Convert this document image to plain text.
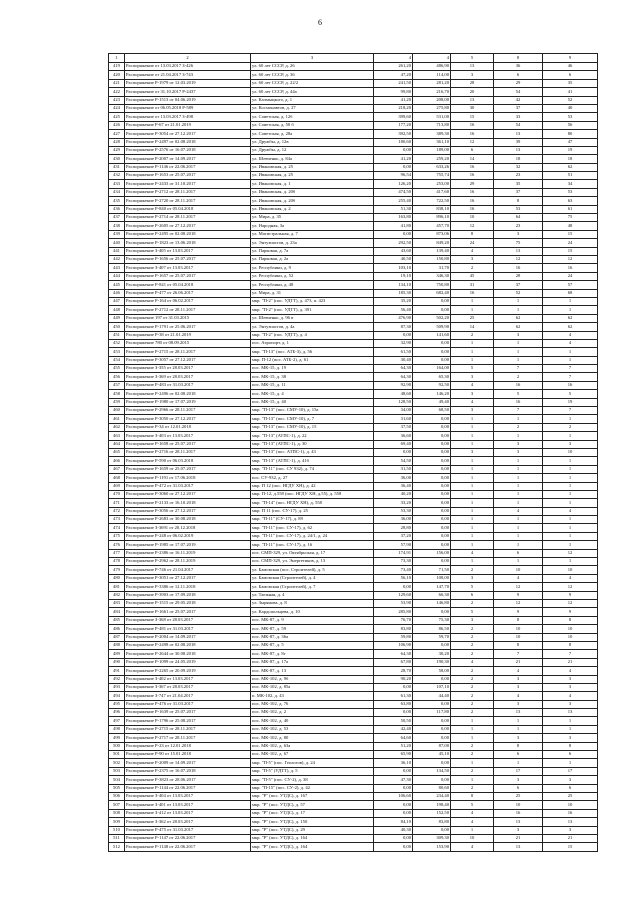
6
1	2	3	4	4	5	8	9
419	Распоряжение от 13.03.2017 З-426	ул. 60 лет СССР, д. 26	261,20	486,90	13	36	46
420	Распоряжение от 21.04.2017 З-743	ул. 60 лет СССР, д. 36	47,20	114,00	3	6	6
421	Распоряжение Р-1979 от 12.03.2019	ул. 60 лет СССР, д. 22/2	241,50	281,20	28	29	35
422	Распоряжение от 31.10.2017 Р-2437	ул. 60 лет СССР, д. 44а	99,80	216,70	20	54	41
423	Распоряжение Р-1513 от 04.06.2019	ул. Калмыцкого, д. 1	41,20	208,00	13	42	52
424	Распоряжение от 06.05.2018 Р-589	ул. Космонавтов, д. 27	218,20	275,80	30	37	40
425	Распоряжение от 13.03.2017 З-498	ул. Советская, д. 12б	399,60	531,00	15	33	53
426	Распоряжение Р-67 от 21.01.2019	ул. Советская, д. 50 б	177,20	713,80	16	54	56
427	Распоряжение Р-3054 от 27.12.2017	ул. Советская, д. 28а	392,50	389,30	16	13	80
428	Распоряжение Р-2497 от 02.08.2018	ул. Дружбы, д. 12в	180,60	361,10	12	39	47
429	Распоряжение Р-2576 от 16.07.2018	ул. Дружбы, д. 12	0,00	189,00	6	13	19
430	Распоряжение Р-2007 от 14.09.2017	ул. Шевченко, д. 84а	41,20	259,20	14	18	18
431	Распоряжение Р-1146 от 22.06.2017	ул. Ивановская, д. 25	0,00	633,26	16	32	62
432	Распоряжение Р-1653 от 25.07.2017	ул. Ивановская, д. 25	96,54	755,74	16	23	51
433	Распоряжение Р-2433 от 31.10.2017	ул. Ивановская, д. 1	126,20	253,00	29	35	34
434	Распоряжение Р-2712 от 28.11.2017	ул. Ивановская, д. 20б	474,50	417,60	16	37	53
435	Распоряжение Р-2720 от 28.11.2017	ул. Ивановская, д. 20б	255,40	722,50	16	8	63
436	Распоряжение Р-840 от 05.04.2018	ул. Ивановская, д. 2	51,30	838,10	16	53	61
437	Распоряжение Р-2714 от 28.11.2017	ул. Мира, д. 35	163,80	896,10	10	64	75
438	Распоряжение Р-2605 от 27.12.2017	ул. Народная, 3а	41,80	457,70	12	23	48
439	Распоряжение Р-2495 от 02.08.2018	ул. Магистральная, д. 7	0,00	873,06	8	3	15
440	Распоряжение Р-1823 от 13.06.2018	ул. Энтузиастов, д. 23а	292,50	849,20	24	75	24
441	Распоряжение З-405 от 13.03.2017	ул. Парковая, д. 7а	43,60	139,40	4	13	15
442	Распоряжение Р-1656 от 25.07.2017	ул. Парковая, д. 2а	40,50	150,80	3	12	12
443	Распоряжение З-407 от 13.03.2017	ул. Республики, д. 9	103,10	31,70	2	16	16
444	Распоряжение Р-1657 от 25.07.2017	ул. Республики, д. 52	19,10	346,30	45	28	24
445	Распоряжение Р-841 от 05.04.2018	ул. Республики, д. 48	134,10	750,80	31	37	57
446	Распоряжение Р-477 от 26.06.2017	ул. Мира, д. 31	185,30	682,40	16	52	68
447	Распоряжение Р-164 от 06.02.2017	мкр. "П-2" (пос. УДТТ), д. 473, п. 423	35,20	0,00	1	1	1
448	Распоряжение Р-2712 от 28.11.2017	мкр. "П-2" (пос. УДТТ), д. 391	56,40	0,00	1	1	1
449	Распоряжение 197 от 31.03.2015	ул. Шевченко, д. 96 в	476,90	502,20	25	62	62
450	Распоряжение Р-1791 от 25.06.2017	ул. Энтузиастов, д. 4а	87,30	509,90	14	62	62
451	Распоряжение Р-38 от 21.01.2019	мкр. "П-2" (пос. УДТТ), д. 4	0,00	141,60	2	3	4
452	Распоряжение 780 от 08.09.2015	пос. Аэропорт, д. 1	32,90	0,00	1	1	4
453	Распоряжение Р-2715 от 28.11.2017	мкр. "П-13" (пос. АТБ-3), д. 56	61,50	0,00	1	1	1
454	Распоряжение Р-3057 от 27.12.2017	мкр. П-12 (пос. АТБ-2), д. 61	30,40	0,00	1	1	1
455	Распоряжение З-355 от 28.03.2017	пос. МК-15, д. 19	64,30	164,00	5	7	7
456	Распоряжение З-369 от 28.03.2017	пос. МК-15, д. 38	64,30	65,30	3	2	7
457	Распоряжение Р-483 от 31.03.2017	пос. МК-15, д. 11	92,90	92,50	4	16	16
458	Распоряжение Р-2496 от 02.08.2018	пос. МК-15, д. 4	48,60	146,20	3	5	5
459	Распоряжение Р-1980 от 17.07.2019	пос. МК-15, д. 40	128,50	49,40	4	16	19
460	Распоряжение Р-2966 от 28.11.2017	мкр. "П-13" (пос. СМУ-10), д. 15а	34,00	68,50	3	7	7
461	Распоряжение Р-3050 от 27.12.2017	мкр. "П-13" (пос. СМУ-10), д. 7	31,60	0,00	1	1	1
462	Распоряжение Р-34 от 12.01.2018	мкр. "П-13" (пос. СМУ-10), д. 15	37,50	0,00	1	2	2
463	Распоряжение З-403 от 13.03.2017	мкр. "П-13" (АТПС-1), д. 22	36,60	0,00	1	1	1
464	Распоряжение Р-1658 от 25.07.2017	мкр. "П-13" (АТПС-1), д. 30	69,40	0,00	1	3	3
465	Распоряжение Р-2716 от 28.11.2017	мкр. "П-13" (пос. АТПС-1), д. 43	0,00	0,00	3	3	10
466	Распоряжение Р-590 от 06.03.2018	мкр. "П-13" (АТПС-1), д. 41б	54,50	0,00	1	1	1
467	Распоряжение Р-1659 от 25.07.2017	мкр. "П-11" (пос. СУ 932), д. 74	31,50	0,00	1	1	1
468	Распоряжение Р-1191 от 17.06.2018	пос. СУ-932, д. 27	36,00	0,00	1	1	1
469	Распоряжение Р-472 от 31.03.2017	мкр. П 12 (пос. НГДУ ХН), д. 42	36,40	0,00	1	1	1
470	Распоряжение Р-3060 от 27.12.2017	мкр. П-12, д.558 (пос. НГДУ ХН, д.55), д. 558	40,20	0,00	1	1	1
471	Распоряжение Р-2133 от 16.10.2018	мкр. "П-14" (пос. НГДУ ХН), д. 558	33,20	0,00	1	1	1
472	Распоряжение Р-3056 от 27.12.2017	мкр. П 11 (пос. СУ-17), д. 25	53,30	0,00	1	4	4
473	Распоряжение Р-2683 от 30.08.2018	мкр. "П-11" (СУ-17), д. 89	36,00	0,00	1	1	1
474	Распоряжение З-3691 от 20.12.2018	мкр. "П-11" (пос. СУ-17), д. 62	28,80	0,00	1	1	1
475	Распоряжение Р-248 от 06.02.2019	мкр. "П-11" (пос. СУ-17), д. 24/1, д. 24	37,20	0,00	1	1	1
476	Распоряжение Р-1985 от 17.07.2019	мкр. "П-11" (пос. СУ-17), д. 16	57,90	0,00	1	1	1
477	Распоряжение Р-2386 от 16.11.2019	пос. СМП-329, ул. Октябрьская, д. 17	174,91	156,00	4	6	12
478	Распоряжение Р-2962 от 28.11.2019	пос. СМП-329, ул. Энергетиков, д. 13	73,30	0,00	1	1	1
479	Распоряжение Р-746 от 21.04.2017	ул. Бамовская (пос. Строителей), д. 5	73,40	71,50	2	10	10
480	Распоряжение Р-3051 от 27.12.2017	ул. Бамовская (Строителей), д. 4	56,10	108,00	3	4	4
481	Распоряжение Р-3386 от 12.11.2018	ул. Бамовская (Строителей), д. 7	0,00	147,70	5	12	12
482	Распоряжение Р-3903 от 17.09.2018	ул. Таежная, д. 4	129,60	66,30	6	9	9
483	Распоряжение Р-1515 от 29.05.2018	ул. Зырянова, д. 8	53,90	146,80	2	12	12
484	Распоряжение Р-1661 от 25.07.2017	ул. Кардопольцева, д. 10	285,80	0,00	5	9	9
485	Распоряжение З-368 от 28.03.2017	пос. МК-87, д. 9	76,70	75,30	3	8	8
486	Распоряжение Р-481 от 31.03.2017	пос. МК-87, д. 59	83,80	86,50	2	10	10
487	Распоряжение Р-2004 от 14.09.2017	пос. МК-87, д. 36а	59,80	59,70	2	10	10
488	Распоряжение Р-2498 от 02.08.2018	пос. МК-87, д. 5	106,90	0,00	2	8	8
489	Распоряжение Р-2644 от 30.08.2018	пос. МК-87, д. 8г	64,30	30,20	2	7	7
490	Распоряжение Р-1099 от 24.05.2019	пос. МК-87, д. 17а	67,80	190,30	4	21	21
491	Распоряжение Р-2265 от 20.09.2019	пос. МК-87, д. 13	28,70	58,00	2	4	4
492	Распоряжение З-402 от 13.03.2017	пос. МК-102, д. 9б	90,20	0,00	2	3	3
493	Распоряжение З-367 от 28.03.2017	пос. МК-102, д. 85а	0,00	107,10	2	3	3
494	Распоряжение З-747 от 21.04.2017	п. МК-102, д. 43	61,30	44,40	2	4	4
495	Распоряжение Р-476 от 31.03.2017	пос. МК-102, д. 76	63,80	0,00	2	3	3
496	Распоряжение Р-1639 от 25.07.2017	пос. МК-102, д. 2	0,00	117,80	2	13	13
497	Распоряжение Р-1796 от 25.08.2017	пос. МК-102, д. 40	50,50	0,00	1	1	1
498	Распоряжение Р-2715 от 28.11.2017	пос. МК-102, д. 53	42,40	0,00	1	1	1
499	Распоряжение Р-2717 от 28.11.2017	пос. МК-102, д. 80	64,60	0,00	1	3	3
500	Распоряжение Р-23 от 12.01.2018	пос. МК-102, д. 63а	51,20	87,00	2	8	8
501	Распоряжение Р-90 от 15.01.2018	пос. МК-102, д. 67	65,90	45,10	2	6	6
502	Распоряжение Р-2009 от 14.09.2017	мкр. "П-5" (пос. Геологов), д. 24	36,10	0,00	1	1	1
503	Распоряжение Р-2375 от 16.07.2018	мкр. "П-5" (УДТТ), д. 5	0,00	134,50	2	17	17
504	Распоряжение Р-3823 от 28.06.2017	мкр. "П-5" (пос. СУ-2), д. 38	47,30	0,00	1	3	3
505	Распоряжение Р-1144 от 22.06.2017	мкр. "П-15" (пос. СУ-2), д. 42	0,00	80,60	2	6	6
506	Распоряжение З-404 от 13.03.2017	мкр. "Р" (пос. УТДС), д. 167	106,60	234,40	8	25	25
507	Распоряжение З-401 от 13.03.2017	мкр. "Р" (пос. УТДС), д. 57	0,00	198,40	5	10	10
508	Распоряжение З-412 от 13.03.2017	мкр. "Р" (пос. УТДС), д. 17	0,00	152,50	4	16	16
509	Распоряжение З-362 от 28.03.2017	мкр. "Р" (пос. УТДС), д. 150	84,10	83,80	4	13	13
510	Распоряжение Р-475 от 31.03.2017	мкр. "Р" (пос. УТДС), д. 29	40,30	0,00	1	3	3
511	Распоряжение Р-1147 от 22.06.2017	мкр. "Р" (пос. УТДС), д. 164	0,00	309,30	10	21	21
512	Распоряжение Р-1148 от 22.06.2017	мкр. "Р" (пос. УТДС), д. 164	0,00	153,90	4	13	15
